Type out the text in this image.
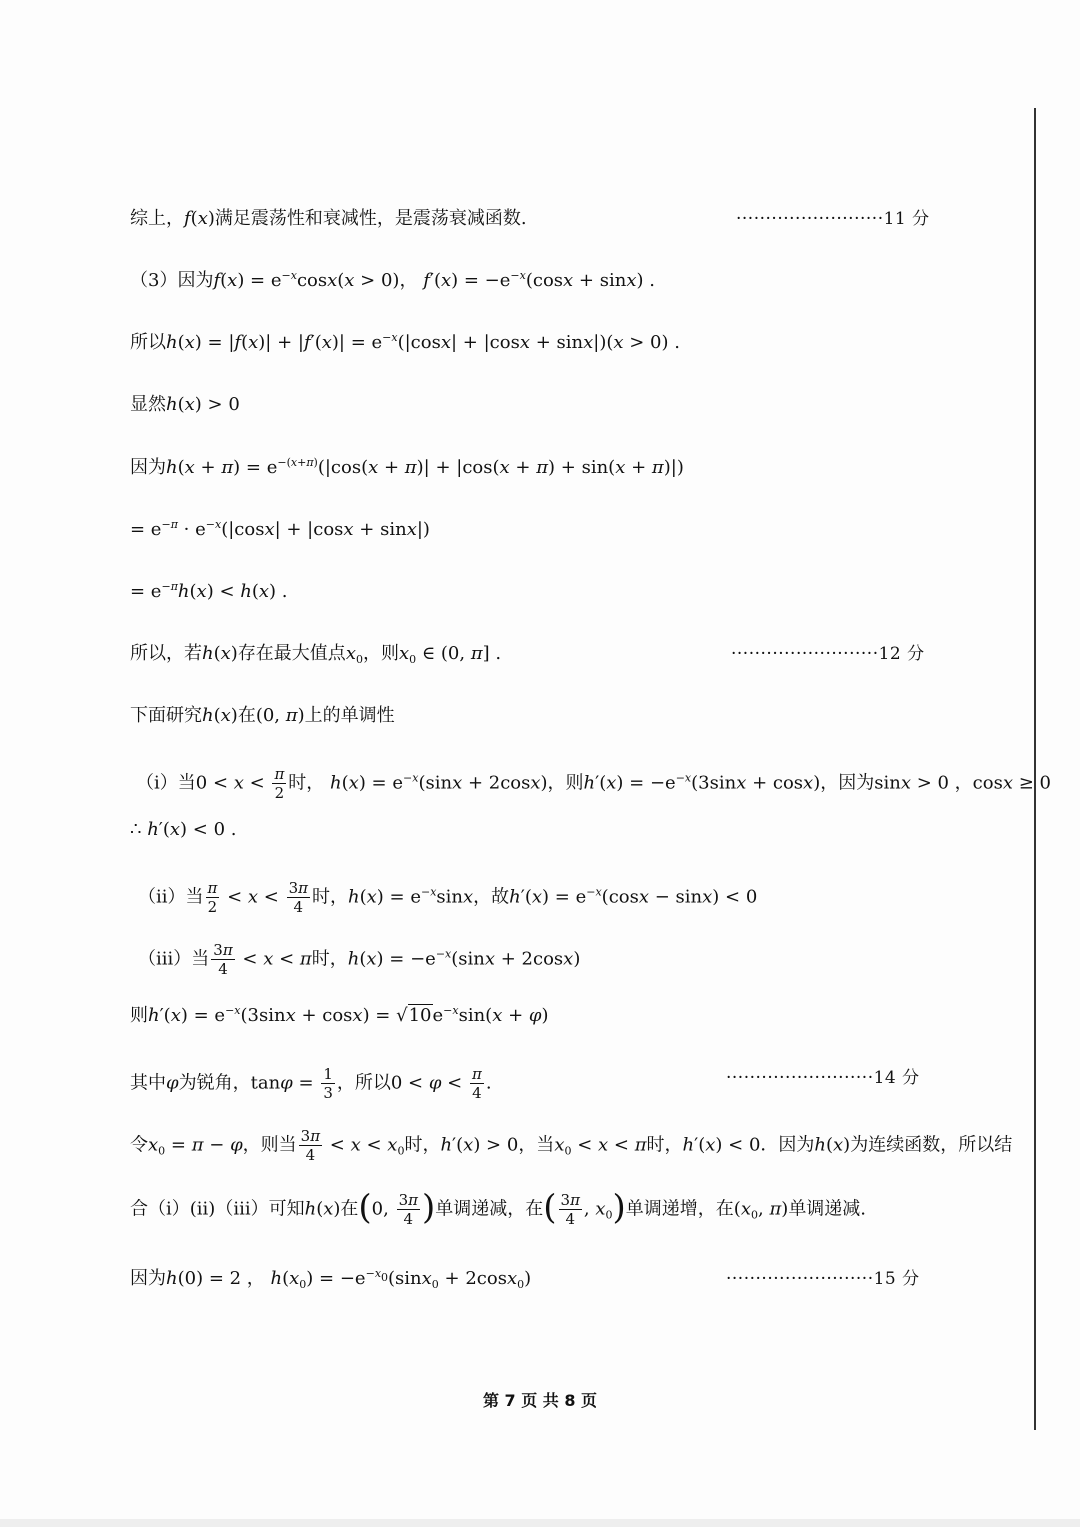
综上，f(x)满足震荡性和衰减性，是震荡衰减函数.	·························11 分
（3）因为$f(x) = e^{-x}\cos x(x > 0)$， $f'(x) = -e^{-x}(\cos x + \sin x)$ .
所以$h(x) = |f(x)| + |f'(x)| = e^{-x}(|\cos x| + |\cos x + \sin x|)(x > 0)$ .
显然h(x) > 0
因为$h(x + \pi) = e^{-(x+\pi)}(|\cos(x + \pi)| + |\cos(x + \pi) + \sin(x + \pi)|)$
= $e^{-\pi} \cdot e^{-x}(|\cos x| + |\cos x + \sin x|)$
= $e^{-\pi}h(x) < h(x)$ .
所以，若h(x)存在最大值点$x_0$，则$x_0$ ∈ (0, π] .	·························12 分
下面研究h(x)在(0, π)上的单调性
（i）当$0 < x < \frac{\pi}{2}$ 时， $h(x) = e^{-x}(\sin x + 2\cos x)$，则$h'(x) = -e^{-x}(3\sin x + \cos x)$，因为sinx > 0 ，cosx ≥ 0
∴ h′(x) < 0 .
（ii）当 $\frac{\pi}{2} < x < \frac{3\pi}{4}$ 时，$h(x) = e^{-x}\sin x$，故$h'(x) = e^{-x}(\cos x - \sin x) < 0$
（iii）当 $\frac{3\pi}{4} < x < \pi$时，$h(x) = -e^{-x}(\sin x + 2\cos x)$
则$h'(x) = e^{-x}(3\sin x + \cos x) = √10e^{-x}\sin(x + \varphi)$
其中φ为锐角，$\tan\varphi = \frac{1}{3}$ ，所以$0 < \varphi < \frac{\pi}{4}$ .	·························14 分
令$x_0 = \pi - \varphi$，则当 $\frac{3\pi}{4} < x < x_0$时，h′(x) > 0，当$x_0 < x < \pi$时，h′(x) < 0．因为h(x)为连续函数，所以结
合（i）(ii)（iii）可知h(x)在(0, $\frac{3\pi}{4}$ )单调递减，在( $\frac{3\pi}{4}$ , $x_0$)单调递增，在($x_0$, π)单调递减.
因为h(0) = 2 ， $h(x_0) = -e^{-x_0}(\sin x_0 + 2\cos x_0)$	·························15 分
第 7 页 共 8 页
